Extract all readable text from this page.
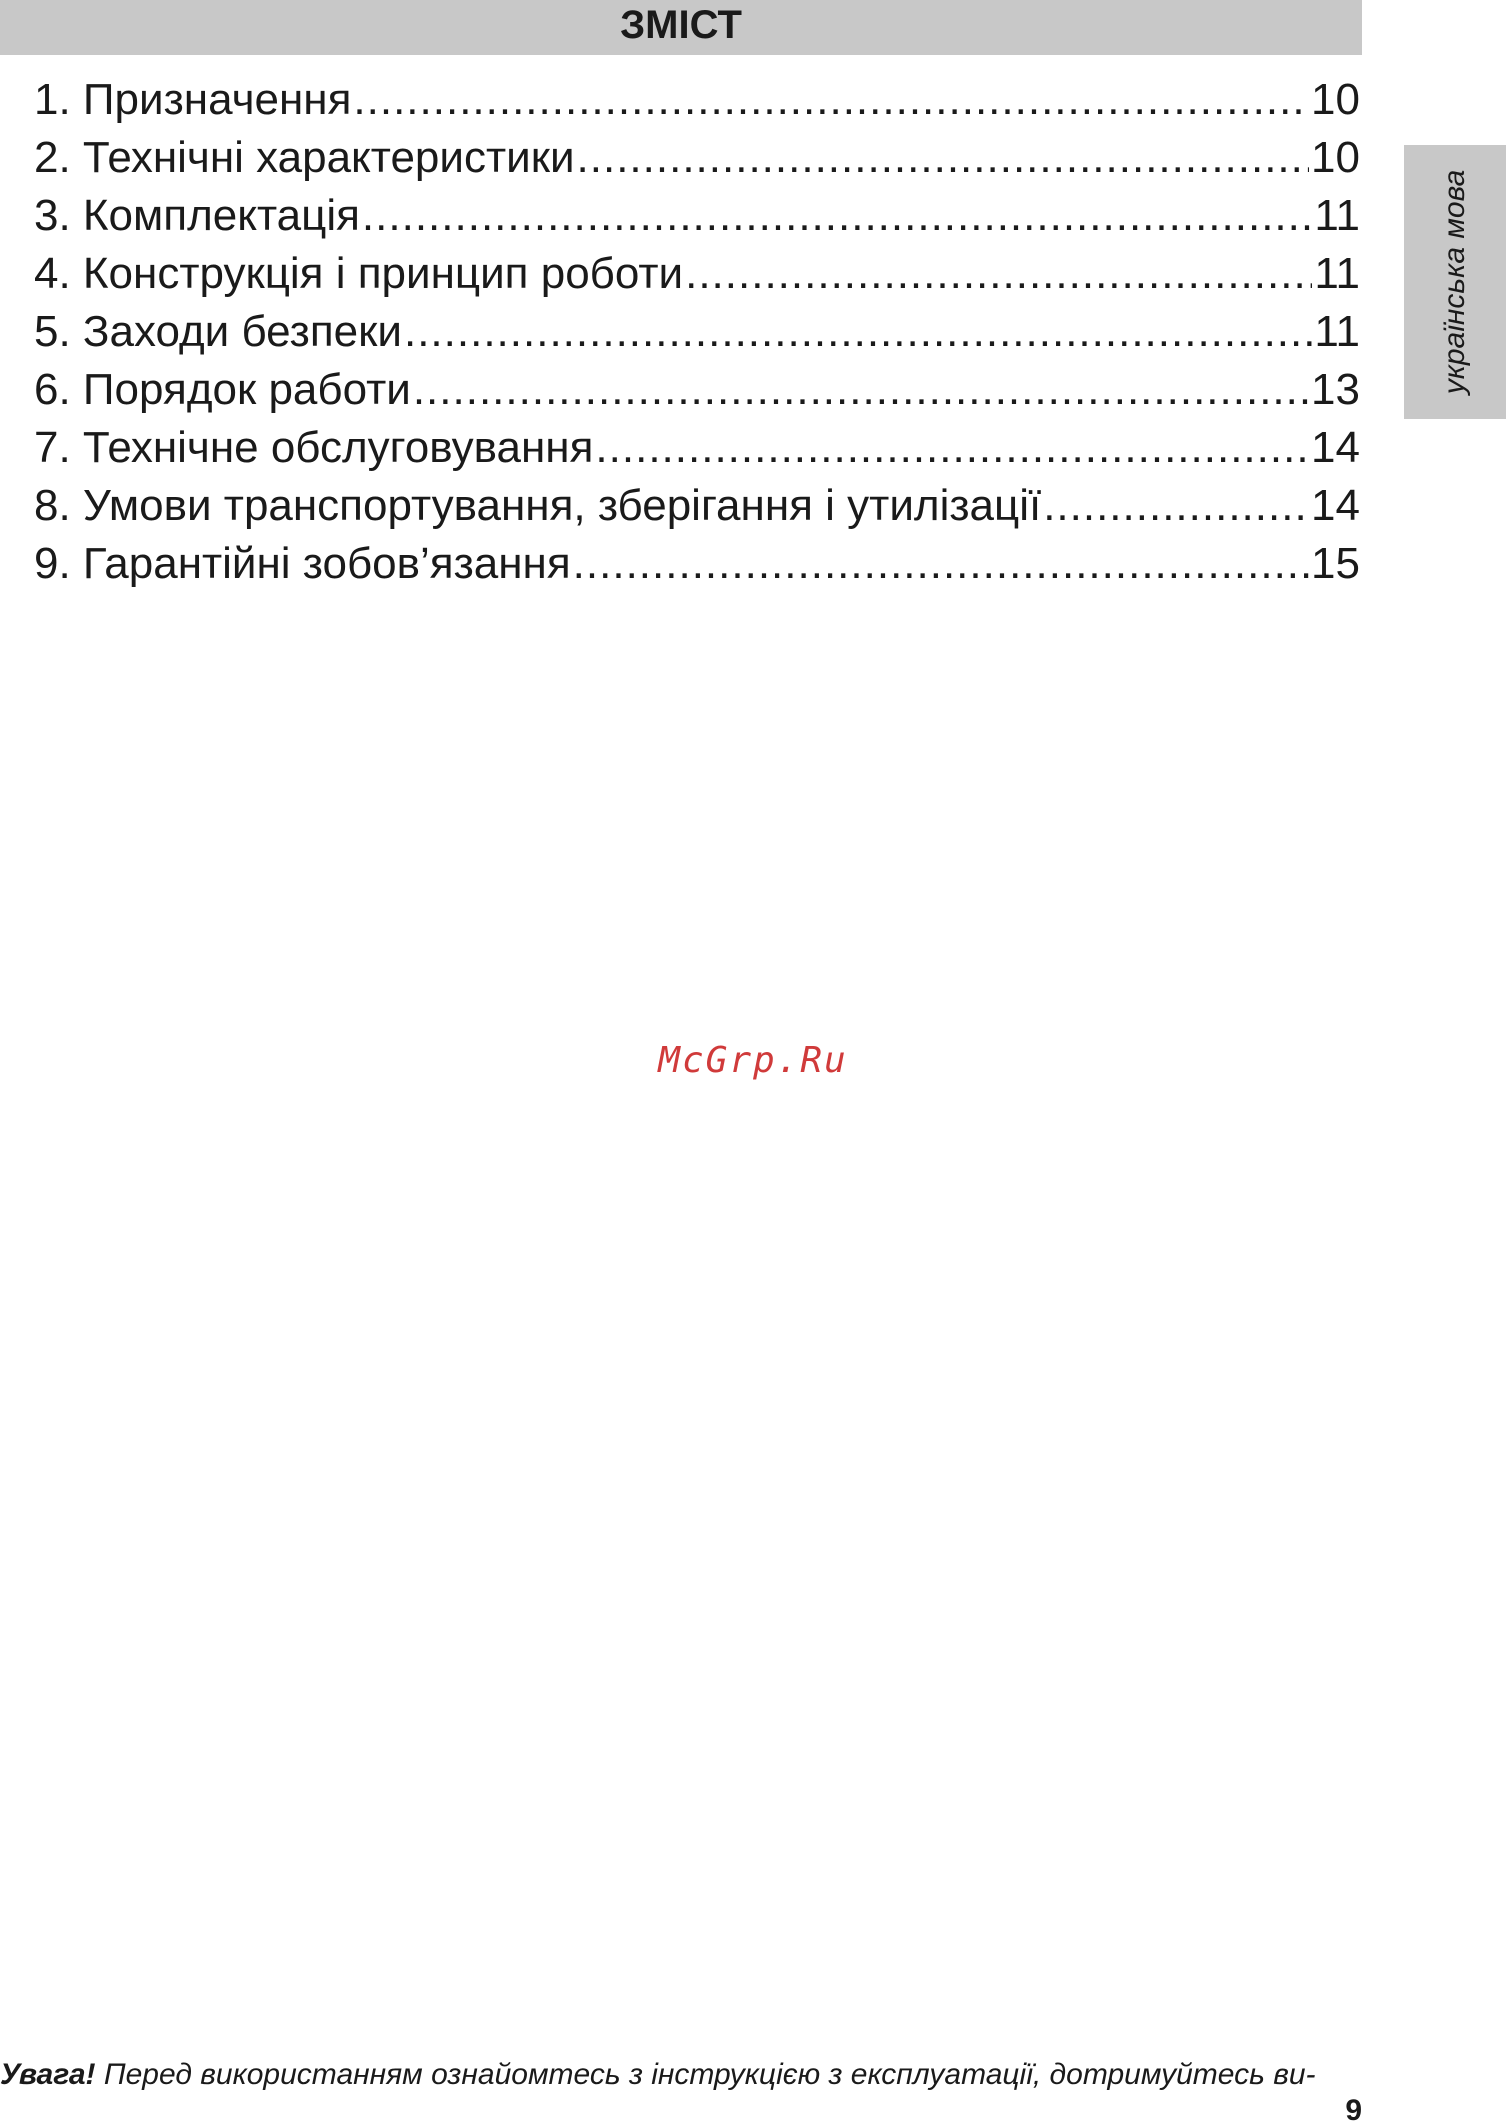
ЗМІСТ
1. Призначення .....	10
2. Технічні характеристики .....	10
3. Комплектація .....	11
4. Конструкція і принцип роботи .....	11
5. Заходи безпеки .....	11
6. Порядок работи .....	13
7. Технічне обслуговування .....	14
8. Умови транспортування, зберігання і утилізації .....	14
9. Гарантійні зобов’язання .....	15
українська мова
McGrp.Ru
Увага! Перед використанням ознайомтесь з інструкцією з експлуатації, дотримуйтесь ви-
9
